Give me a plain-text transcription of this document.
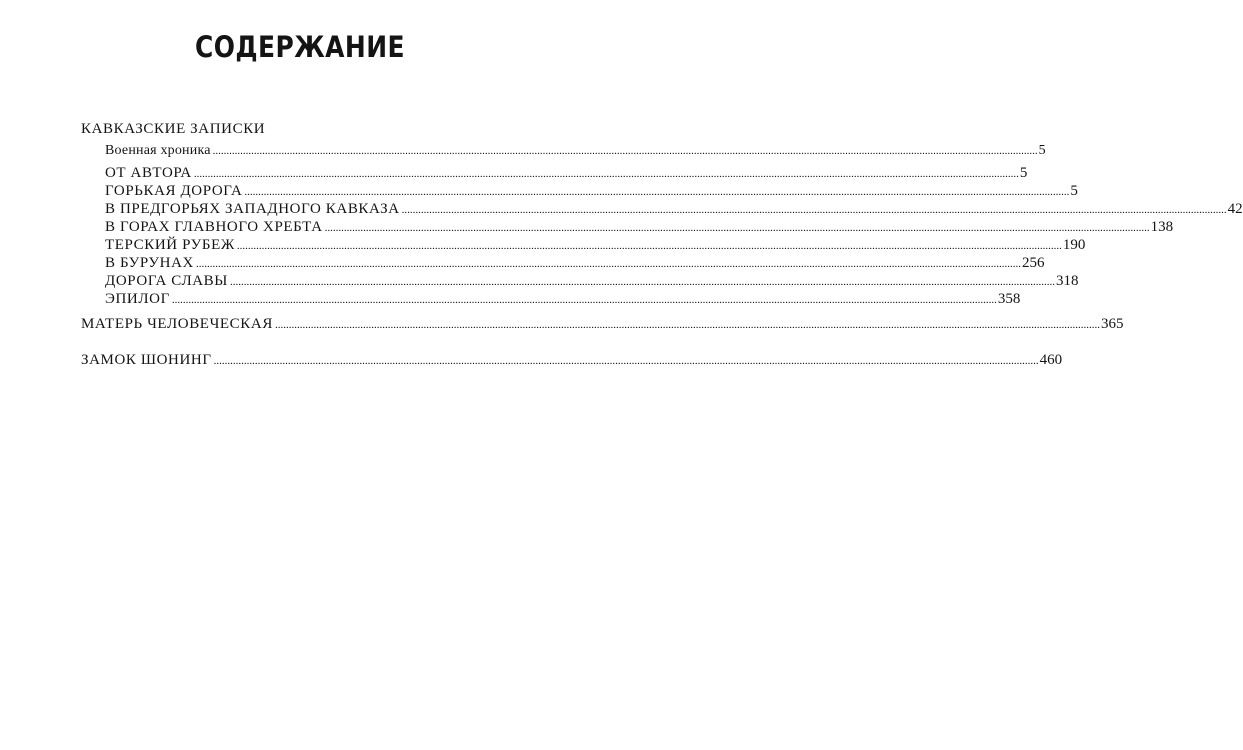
СОДЕРЖАНИЕ
КАВКАЗСКИЕ ЗАПИСКИ
Военная хроника ............................................................................................................................................................................................................................................................................................................ 5
ОТ АВТОРА ............................................................................................................................................................................................................................................................................................................ 5
ГОРЬКАЯ ДОРОГА ............................................................................................................................................................................................................................................................................................................ 5
В ПРЕДГОРЬЯХ ЗАПАДНОГО КАВКАЗА ............................................................................................................................................................................................................................................................................................................ 42
В ГОРАХ ГЛАВНОГО ХРЕБТА ............................................................................................................................................................................................................................................................................................................ 138
ТЕРСКИЙ РУБЕЖ ............................................................................................................................................................................................................................................................................................................ 190
В БУРУНАХ ............................................................................................................................................................................................................................................................................................................ 256
ДОРОГА СЛАВЫ ............................................................................................................................................................................................................................................................................................................ 318
ЭПИЛОГ ............................................................................................................................................................................................................................................................................................................ 358
МАТЕРЬ ЧЕЛОВЕЧЕСКАЯ ............................................................................................................................................................................................................................................................................................................ 365
ЗАМОК ШОНИНГ ............................................................................................................................................................................................................................................................................................................ 460
